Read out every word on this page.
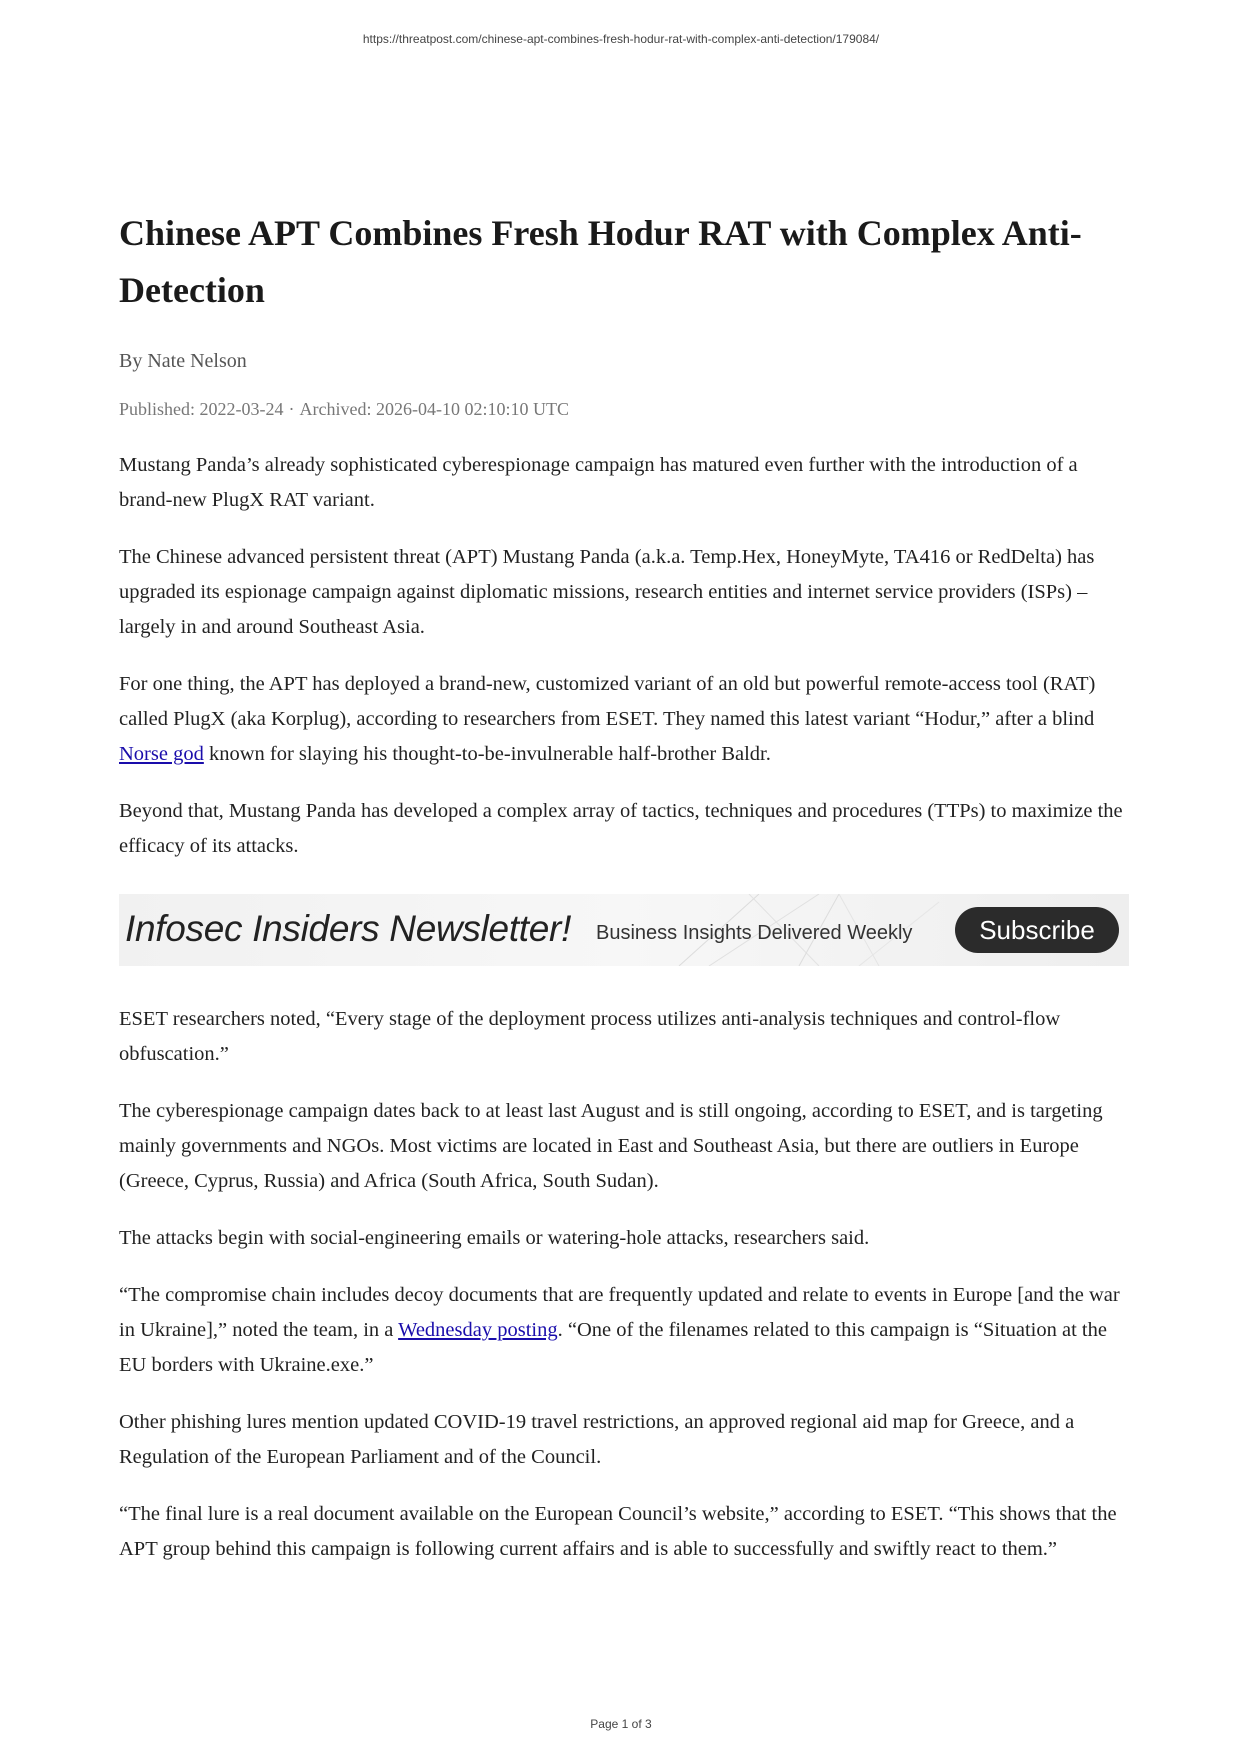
https://threatpost.com/chinese-apt-combines-fresh-hodur-rat-with-complex-anti-detection/179084/
Chinese APT Combines Fresh Hodur RAT with Complex Anti-Detection
By Nate Nelson
Published: 2022-03-24 · Archived: 2026-04-10 02:10:10 UTC

Mustang Panda’s already sophisticated cyberespionage campaign has matured even further with the introduction of a brand-new PlugX RAT variant.

The Chinese advanced persistent threat (APT) Mustang Panda (a.k.a. Temp.Hex, HoneyMyte, TA416 or RedDelta) has upgraded its espionage campaign against diplomatic missions, research entities and internet service providers (ISPs) – largely in and around Southeast Asia.

For one thing, the APT has deployed a brand-new, customized variant of an old but powerful remote-access tool (RAT) called PlugX (aka Korplug), according to researchers from ESET. They named this latest variant “Hodur,” after a blind Norse god known for slaying his thought-to-be-invulnerable half-brother Baldr.

Beyond that, Mustang Panda has developed a complex array of tactics, techniques and procedures (TTPs) to maximize the efficacy of its attacks.

Infosec Insiders Newsletter! Business Insights Delivered Weekly	Subscribe

ESET researchers noted, “Every stage of the deployment process utilizes anti-analysis techniques and control-flow obfuscation.”

The cyberespionage campaign dates back to at least last August and is still ongoing, according to ESET, and is targeting mainly governments and NGOs. Most victims are located in East and Southeast Asia, but there are outliers in Europe (Greece, Cyprus, Russia) and Africa (South Africa, South Sudan).

The attacks begin with social-engineering emails or watering-hole attacks, researchers said.

“The compromise chain includes decoy documents that are frequently updated and relate to events in Europe [and the war in Ukraine],” noted the team, in a Wednesday posting. “One of the filenames related to this campaign is “Situation at the EU borders with Ukraine.exe.”

Other phishing lures mention updated COVID-19 travel restrictions, an approved regional aid map for Greece, and a Regulation of the European Parliament and of the Council.

“The final lure is a real document available on the European Council’s website,” according to ESET. “This shows that the APT group behind this campaign is following current affairs and is able to successfully and swiftly react to them.”

Page 1 of 3
